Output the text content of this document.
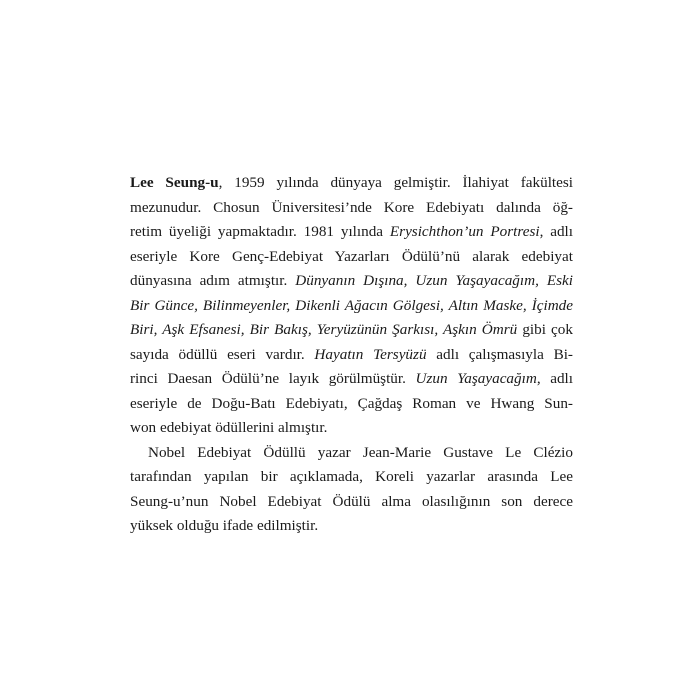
Lee Seung-u, 1959 yılında dünyaya gelmiştir. İlahiyat fakültesi
mezunudur. Chosun Üniversitesi’nde Kore Edebiyatı dalında öğ-
retim üyeliği yapmaktadır. 1981 yılında Erysichthon’un Portresi, adlı
eseriyle Kore Genç-Edebiyat Yazarları Ödülü’nü alarak edebiyat
dünyasına adım atmıştır. Dünyanın Dışına, Uzun Yaşayacağım, Eski
Bir Günce, Bilinmeyenler, Dikenli Ağacın Gölgesi, Altın Maske, İçimde
Biri, Aşk Efsanesi, Bir Bakış, Yeryüzünün Şarkısı, Aşkın Ömrü gibi çok
sayıda ödüllü eseri vardır. Hayatın Tersyüzü adlı çalışmasıyla Bi-
rinci Daesan Ödülü’ne layık görülmüştür. Uzun Yaşayacağım, adlı
eseriyle de Doğu-Batı Edebiyatı, Çağdaş Roman ve Hwang Sun-
won edebiyat ödüllerini almıştır.
Nobel Edebiyat Ödüllü yazar Jean-Marie Gustave Le Clézio
tarafından yapılan bir açıklamada, Koreli yazarlar arasında Lee
Seung-u’nun Nobel Edebiyat Ödülü alma olasılığının son derece
yüksek olduğu ifade edilmiştir.
